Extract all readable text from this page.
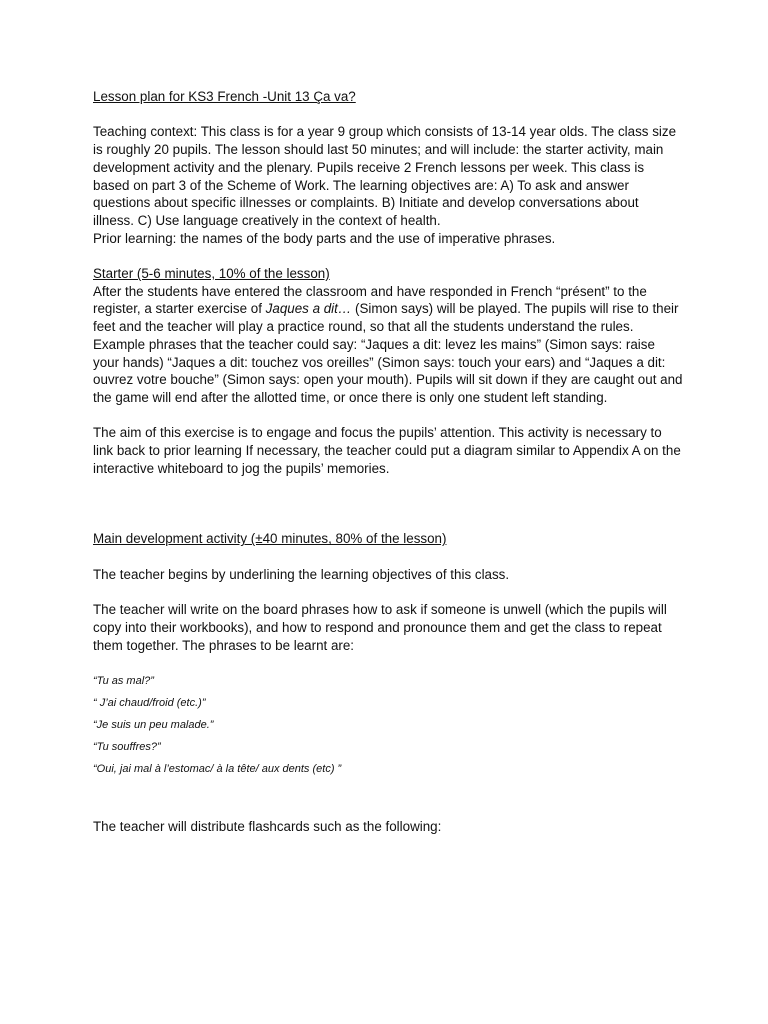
Lesson plan for KS3 French -Unit 13 Ça va?

Teaching context: This class is for a year 9 group which consists of 13-14 year olds. The class size is roughly 20 pupils. The lesson should last 50 minutes; and will include: the starter activity, main development activity and the plenary. Pupils receive 2 French lessons per week. This class is based on part 3 of the Scheme of Work. The learning objectives are: A) To ask and answer questions about specific illnesses or complaints. B) Initiate and develop conversations about illness. C) Use language creatively in the context of health.

Prior learning: the names of the body parts and the use of imperative phrases.

Starter (5-6 minutes, 10% of the lesson)

After the students have entered the classroom and have responded in French “présent” to the register, a starter exercise of Jaques a dit… (Simon says) will be played. The pupils will rise to their feet and the teacher will play a practice round, so that all the students understand the rules. Example phrases that the teacher could say: “Jaques a dit: levez les mains” (Simon says: raise your hands) “Jaques a dit: touchez vos oreilles” (Simon says: touch your ears) and “Jaques a dit: ouvrez votre bouche” (Simon says: open your mouth). Pupils will sit down if they are caught out and the game will end after the allotted time, or once there is only one student left standing.

The aim of this exercise is to engage and focus the pupils’ attention. This activity is necessary to link back to prior learning If necessary, the teacher could put a diagram similar to Appendix A on the interactive whiteboard to jog the pupils’ memories.

Main development activity (±40 minutes, 80% of the lesson)

The teacher begins by underlining the learning objectives of this class.

The teacher will write on the board phrases how to ask if someone is unwell (which the pupils will copy into their workbooks), and how to respond and pronounce them and get the class to repeat them together. The phrases to be learnt are:

“Tu as mal?”
“ J’ai chaud/froid (etc.)”
“Je suis un peu malade.”
“Tu souffres?”
“Oui, jai mal à l’estomac/ à la tête/ aux dents (etc) ”

The teacher will distribute flashcards such as the following:
